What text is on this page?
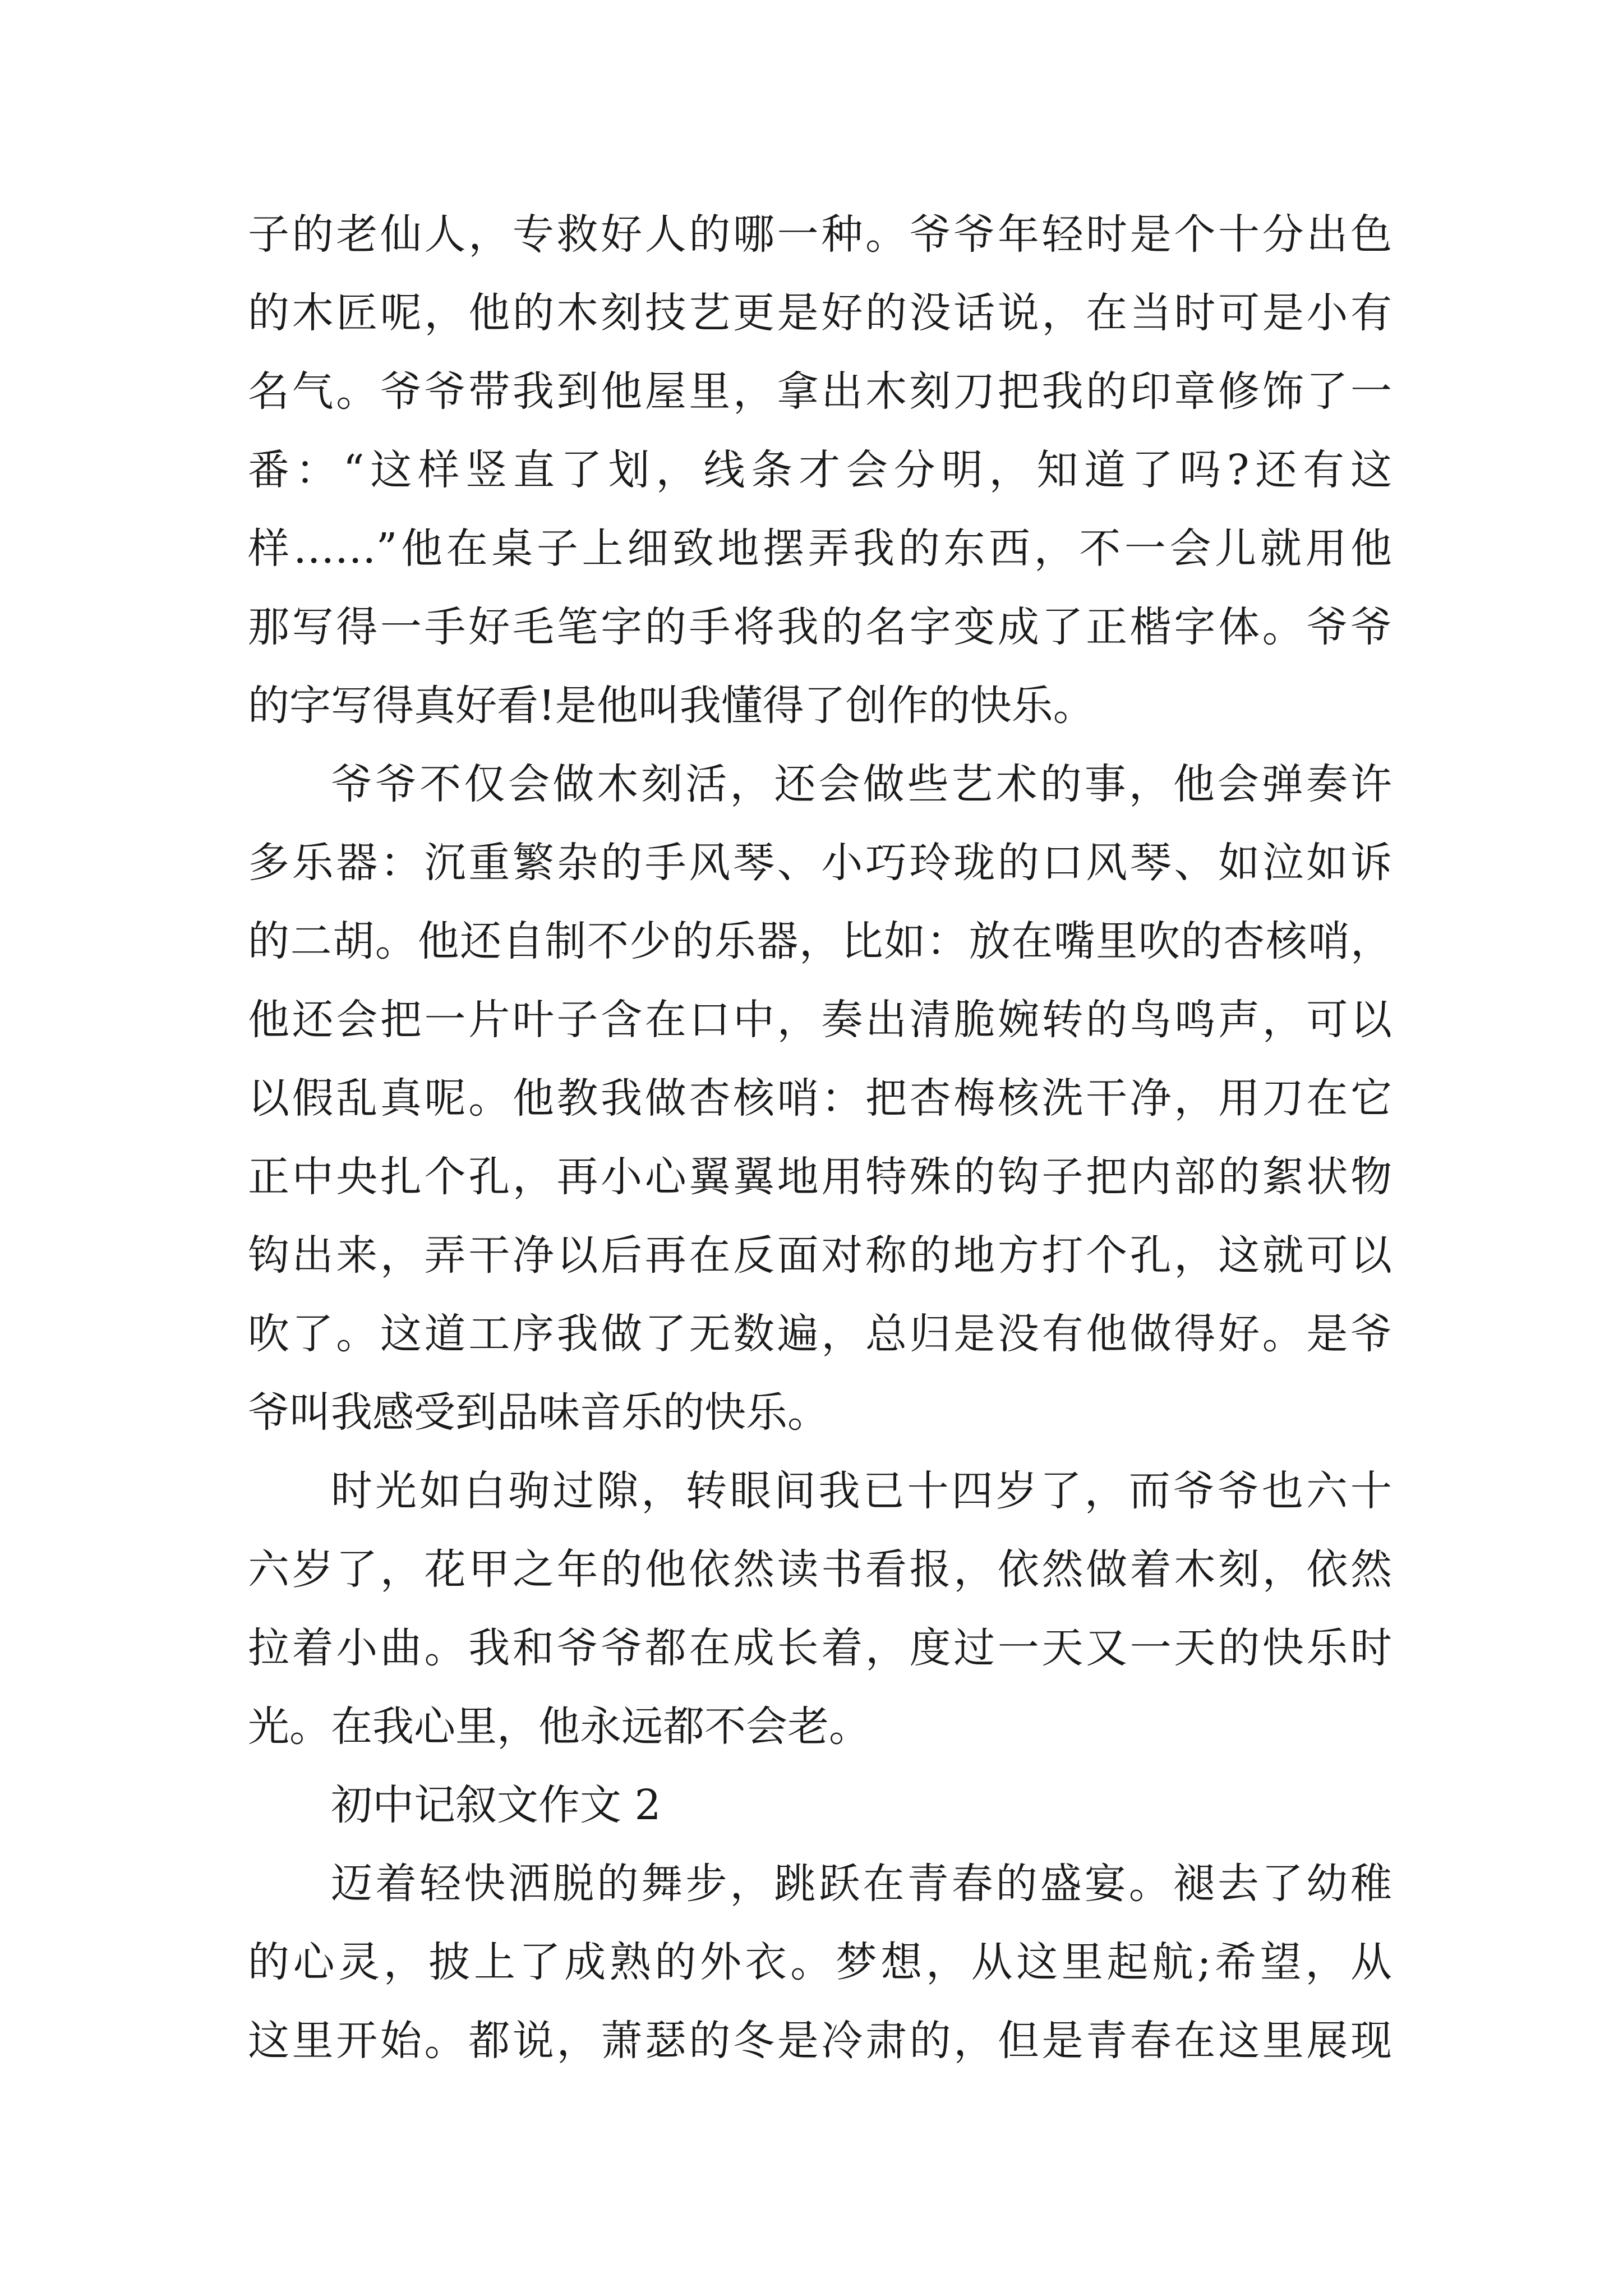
子的老仙人，专救好人的哪一种。爷爷年轻时是个十分出色
的木匠呢，他的木刻技艺更是好的没话说，在当时可是小有
名气。爷爷带我到他屋里，拿出木刻刀把我的印章修饰了一
番：“这样竖直了划，线条才会分明，知道了吗?还有这
样……”他在桌子上细致地摆弄我的东西，不一会儿就用他
那写得一手好毛笔字的手将我的名字变成了正楷字体。爷爷
的字写得真好看!是他叫我懂得了创作的快乐。
爷爷不仅会做木刻活，还会做些艺术的事，他会弹奏许
多乐器：沉重繁杂的手风琴、小巧玲珑的口风琴、如泣如诉
的二胡。他还自制不少的乐器，比如：放在嘴里吹的杏核哨，
他还会把一片叶子含在口中，奏出清脆婉转的鸟鸣声，可以
以假乱真呢。他教我做杏核哨：把杏梅核洗干净，用刀在它
正中央扎个孔，再小心翼翼地用特殊的钩子把内部的絮状物
钩出来，弄干净以后再在反面对称的地方打个孔，这就可以
吹了。这道工序我做了无数遍，总归是没有他做得好。是爷
爷叫我感受到品味音乐的快乐。
时光如白驹过隙，转眼间我已十四岁了，而爷爷也六十
六岁了，花甲之年的他依然读书看报，依然做着木刻，依然
拉着小曲。我和爷爷都在成长着，度过一天又一天的快乐时
光。在我心里，他永远都不会老。
初中记叙文作文 2
迈着轻快洒脱的舞步，跳跃在青春的盛宴。褪去了幼稚
的心灵，披上了成熟的外衣。梦想，从这里起航;希望，从
这里开始。都说，萧瑟的冬是冷肃的，但是青春在这里展现
